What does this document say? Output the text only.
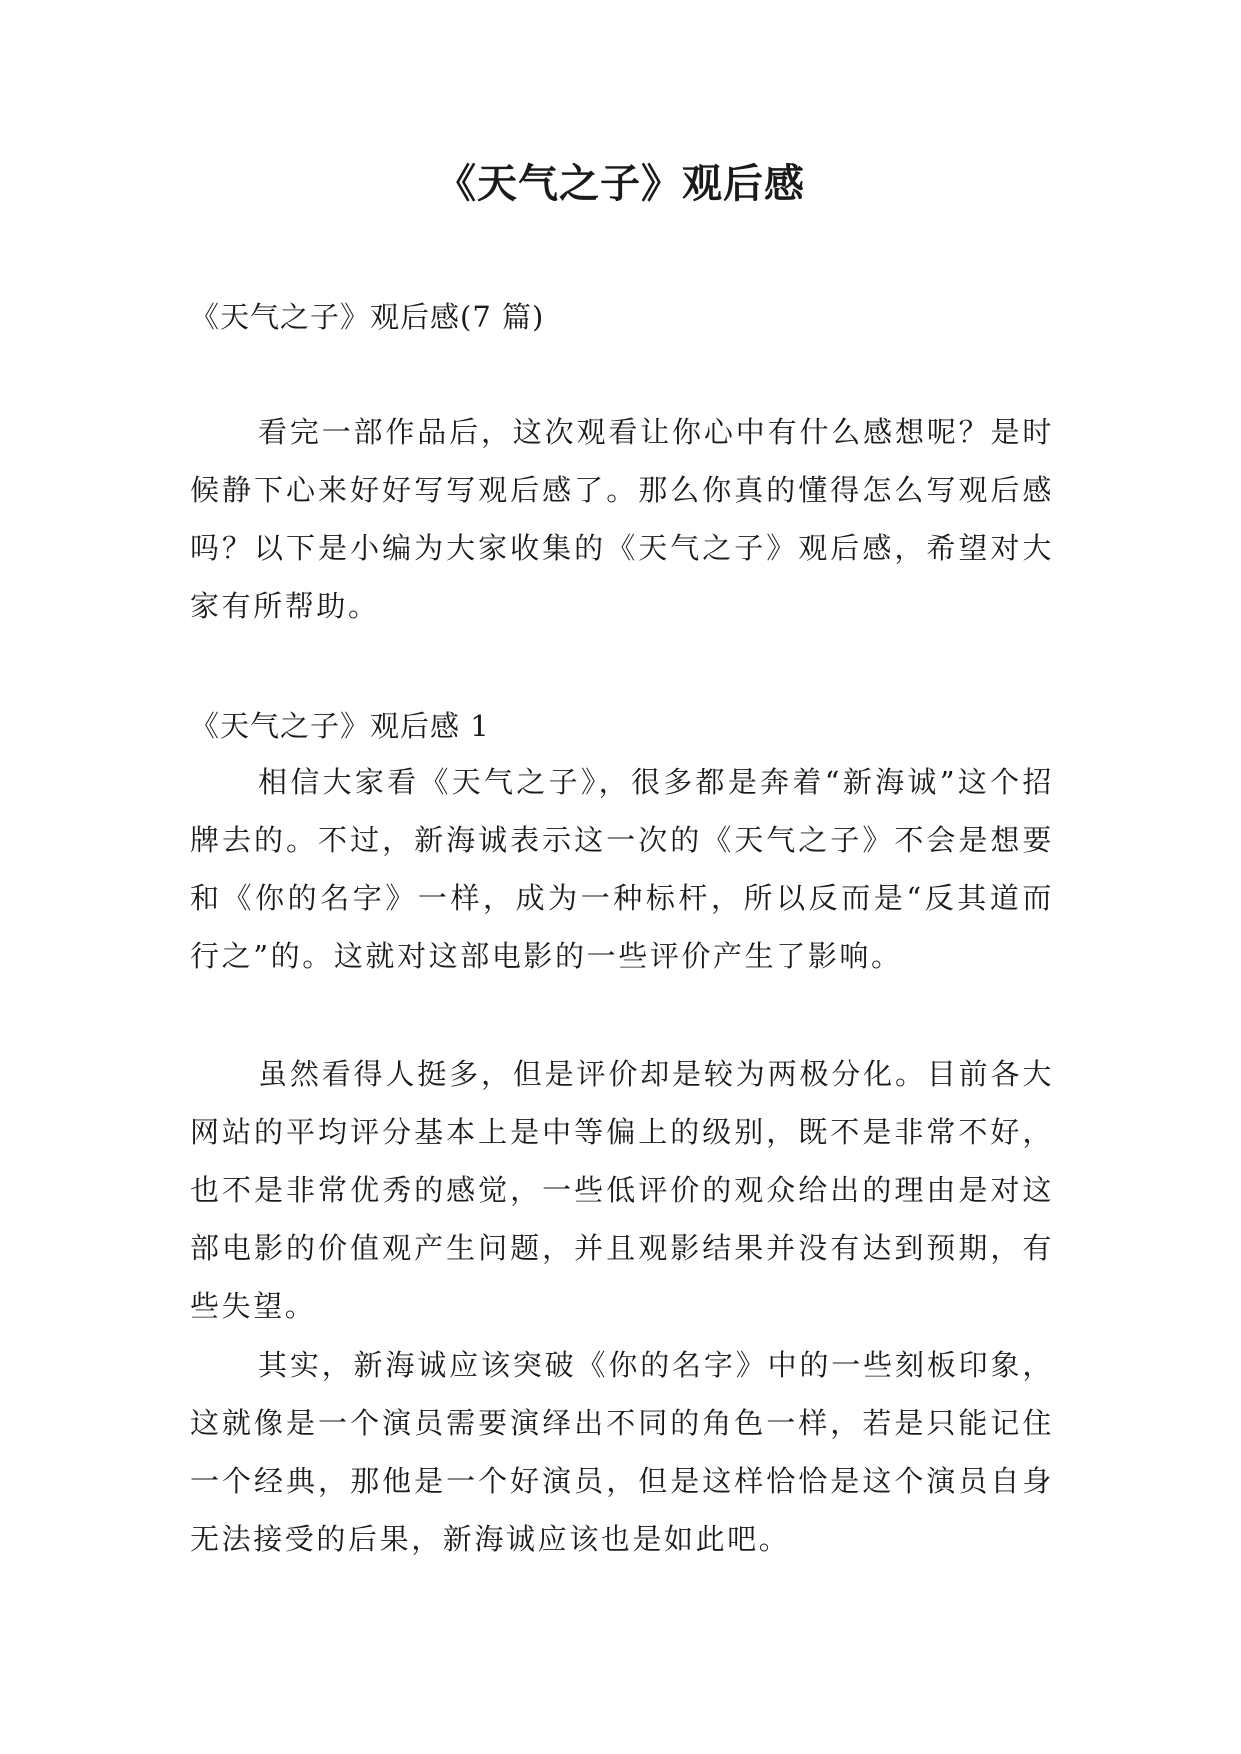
《天气之子》观后感

《天气之子》观后感(7 篇)

看完一部作品后，这次观看让你心中有什么感想呢？是时候静下心来好好写写观后感了。那么你真的懂得怎么写观后感吗？以下是小编为大家收集的《天气之子》观后感，希望对大家有所帮助。

《天气之子》观后感 1

相信大家看《天气之子》，很多都是奔着“新海诚”这个招牌去的。不过，新海诚表示这一次的《天气之子》不会是想要和《你的名字》一样，成为一种标杆，所以反而是“反其道而行之”的。这就对这部电影的一些评价产生了影响。

虽然看得人挺多，但是评价却是较为两极分化。目前各大网站的平均评分基本上是中等偏上的级别，既不是非常不好，也不是非常优秀的感觉，一些低评价的观众给出的理由是对这部电影的价值观产生问题，并且观影结果并没有达到预期，有些失望。

其实，新海诚应该突破《你的名字》中的一些刻板印象，这就像是一个演员需要演绎出不同的角色一样，若是只能记住一个经典，那他是一个好演员，但是这样恰恰是这个演员自身无法接受的后果，新海诚应该也是如此吧。
